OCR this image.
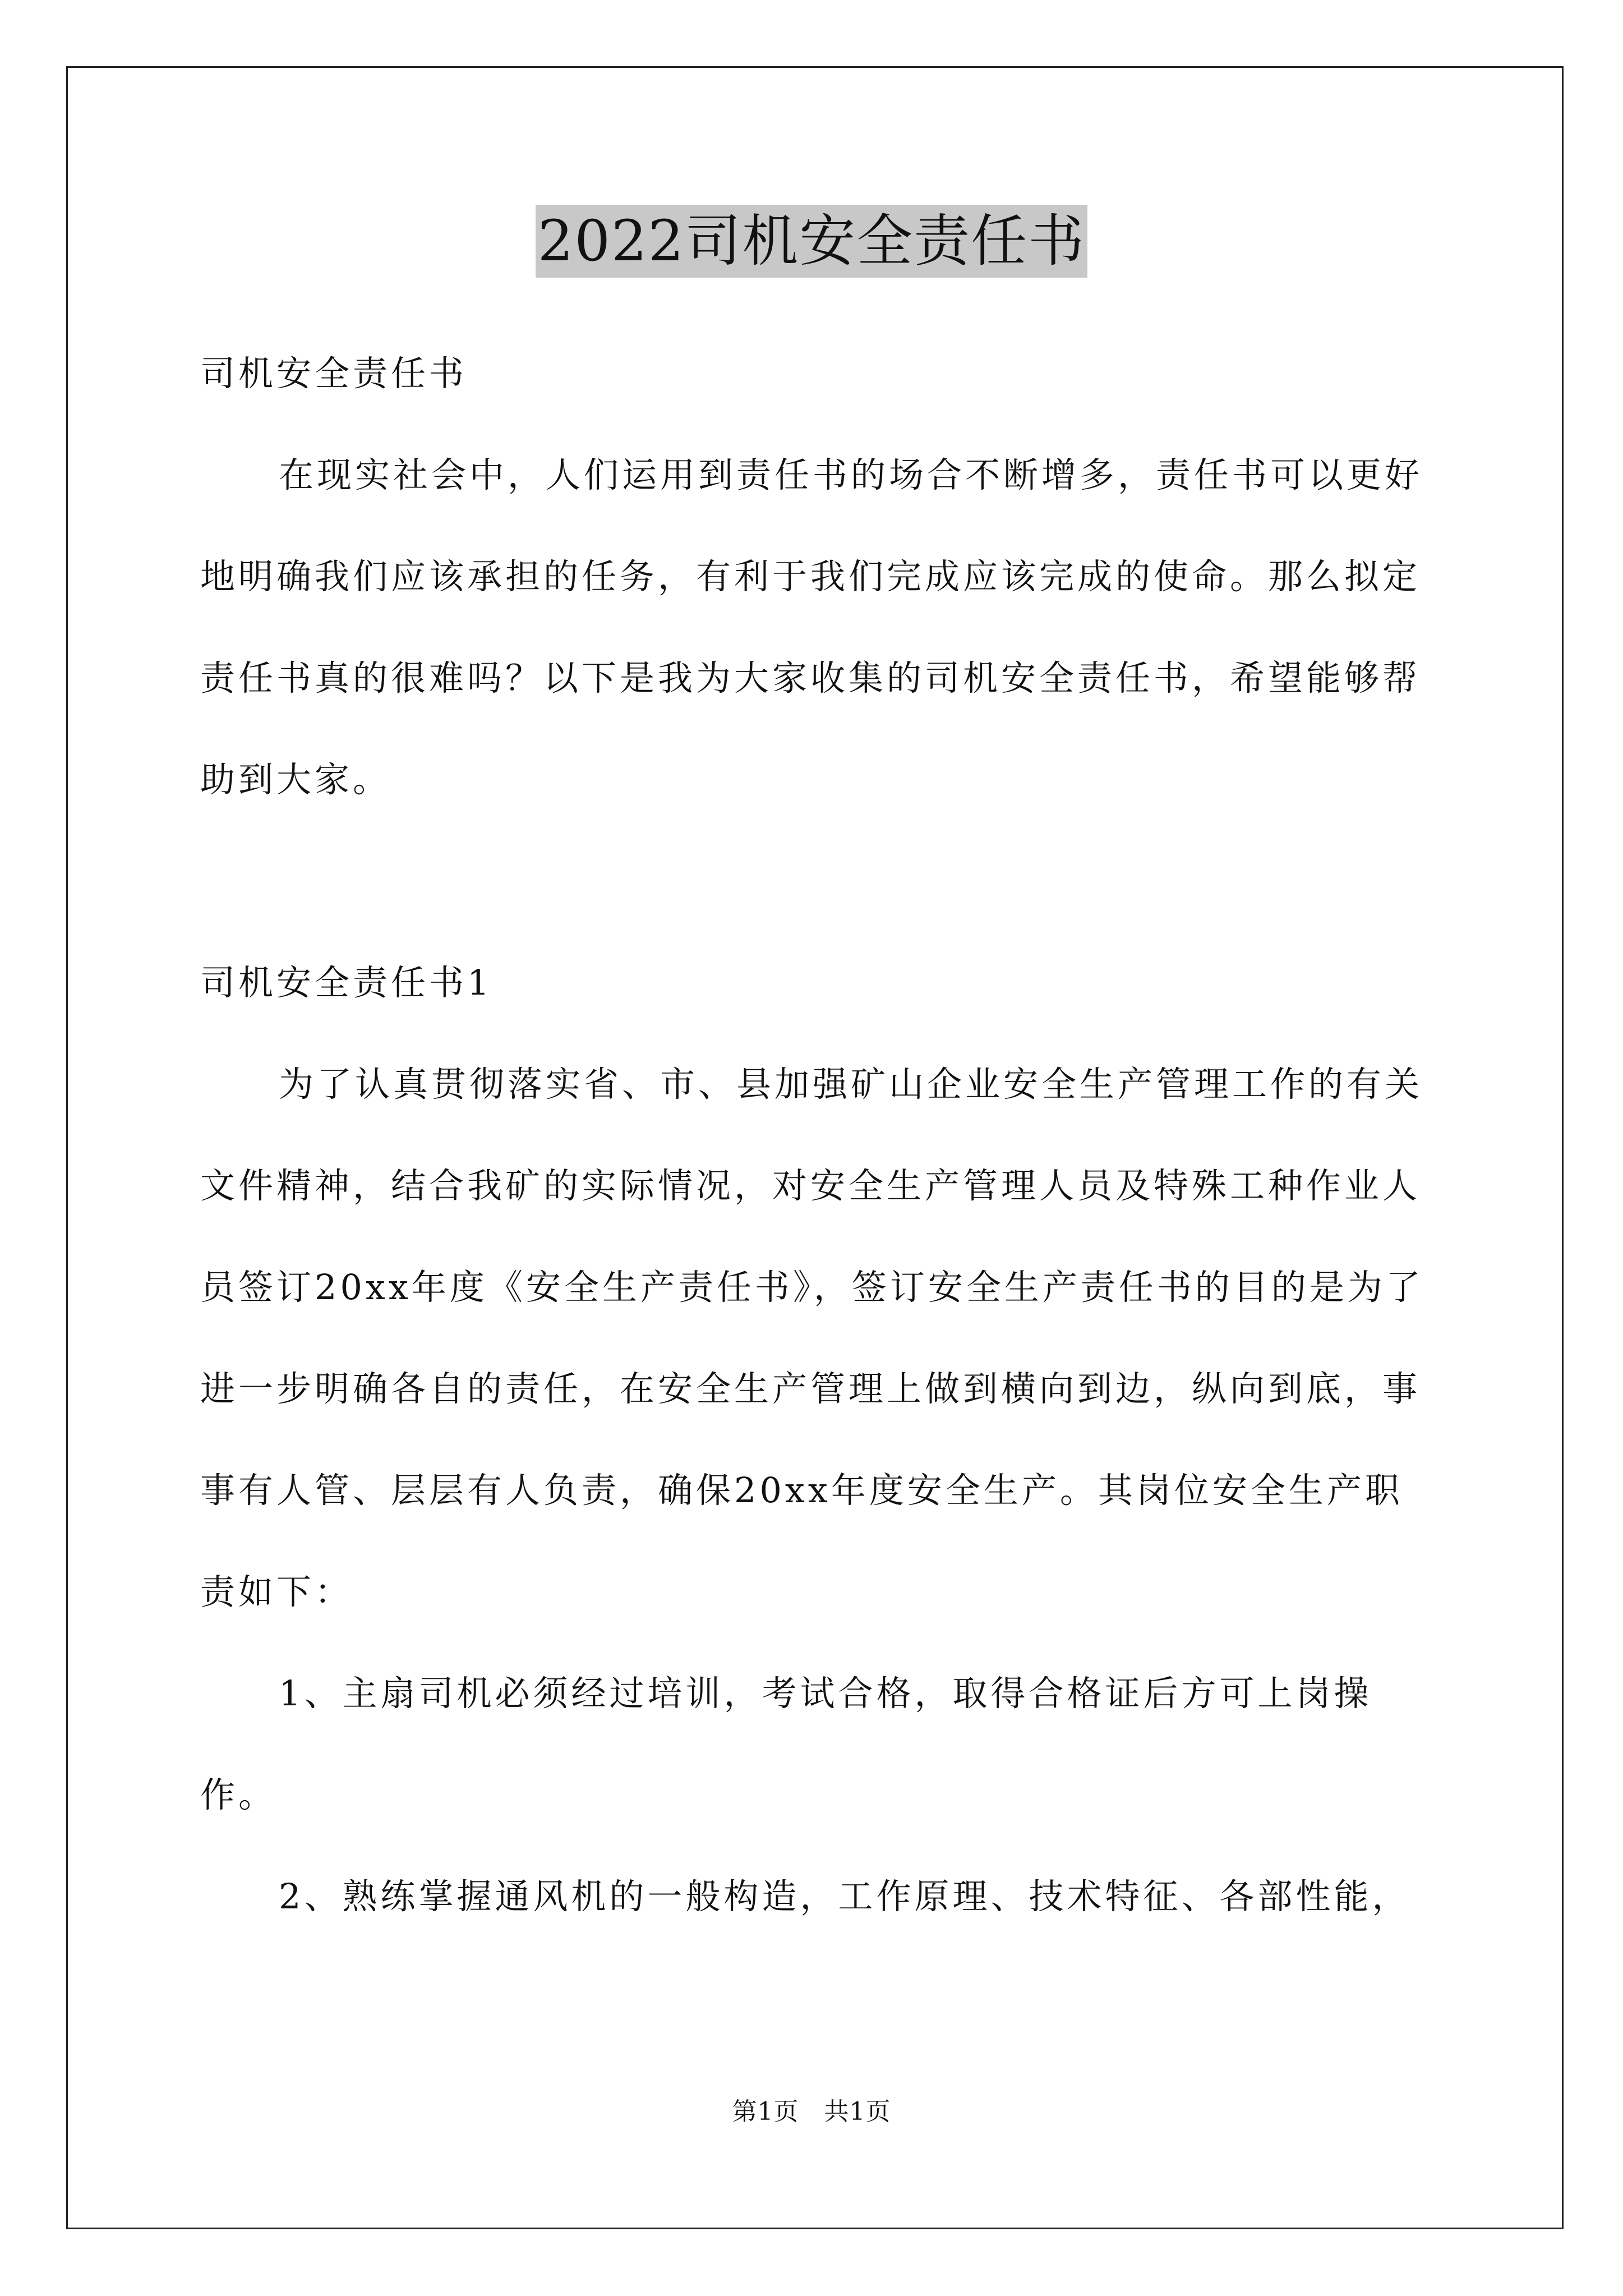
2022司机安全责任书

司机安全责任书

在现实社会中，人们运用到责任书的场合不断增多，责任书可以更好地明确我们应该承担的任务，有利于我们完成应该完成的使命。那么拟定责任书真的很难吗？以下是我为大家收集的司机安全责任书，希望能够帮助到大家。

司机安全责任书1

为了认真贯彻落实省、市、县加强矿山企业安全生产管理工作的有关文件精神，结合我矿的实际情况，对安全生产管理人员及特殊工种作业人员签订20xx年度《安全生产责任书》，签订安全生产责任书的目的是为了进一步明确各自的责任，在安全生产管理上做到横向到边，纵向到底，事事有人管、层层有人负责，确保20xx年度安全生产。其岗位安全生产职责如下：

1、主扇司机必须经过培训，考试合格，取得合格证后方可上岗操作。

2、熟练掌握通风机的一般构造，工作原理、技术特征、各部性能，

第1页　共1页
